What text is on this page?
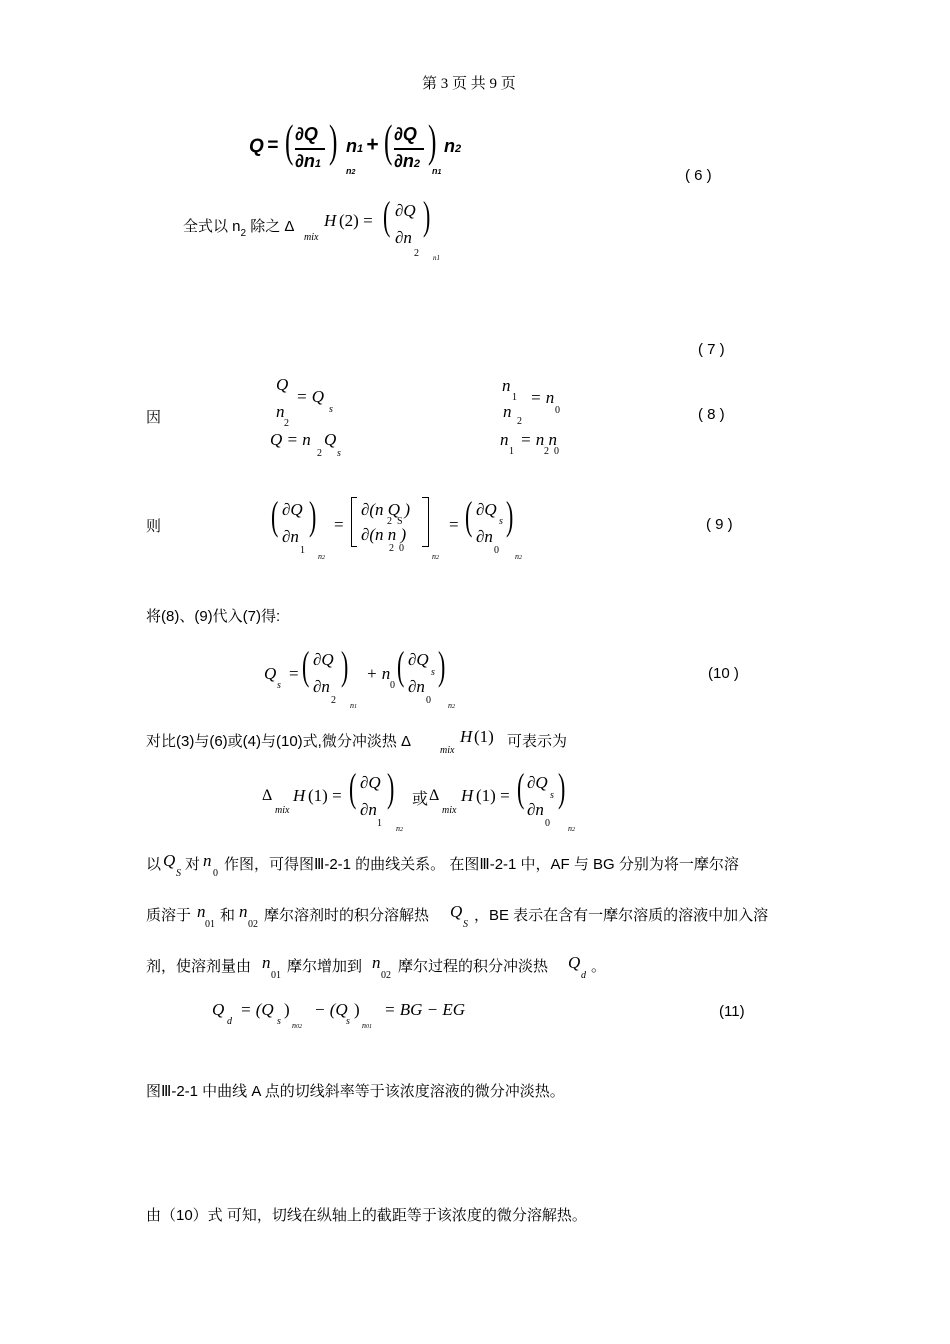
第 3 页 共 9 页
Q = ( ∂Q
∂n1 )
n2
n1 + ( ∂Q
∂n2 )
n1
n2
( 6 )
全式以 $n_2$ 除之 Δ
mix
H (2) = ( ∂Q
∂n
2
)
n1
( 7 )
因
Q
= Q
s
n
2
Q = n
2
Q
s
n
1 = n
0
n
2
n
1
= n n
2  0
( 8 )
则	( ∂Q
∂n
1
)
n2
=
∂(n Q )
2  S
∂(n n )
2  0
n2
= ( ∂Q
s
∂n
0
)
n2
( 9 )
将(8)、(9)代入(7)得:
Q
s
= ( ∂Q
∂n
2
)
n1
+ n
0 ( ∂Q
s
∂n
0
)
n2
(10 )
对比(3)与(6)或(4)与(10)式,微分冲淡热 Δ
mix
H (1) 可表示为
Δ
mix
H (1) = ( ∂Q
∂n
1
)
n2
或 Δ
mix
H (1) = ( ∂Q
s
∂n
0
)
n2
以 Q
S
对 n
0
作图，可得图Ⅲ-2-1 的曲线关系。 在图Ⅲ-2-1 中，AF 与 BG 分别为将一摩尔溶
质溶于 n
01
和 n
02
摩尔溶剂时的积分溶解热 Q
S
，BE 表示在含有一摩尔溶质的溶液中加入溶
剂，使溶剂量由 n
01
摩尔增加到 n
02
摩尔过程的积分冲淡热 Q
d
。
Q
d
= (Q
s
)
n02
− (Q
s
)
n01
= BG − EG	(11)
图Ⅲ-2-1 中曲线 A 点的切线斜率等于该浓度溶液的微分冲淡热。
由（10）式 可知，切线在纵轴上的截距等于该浓度的微分溶解热。
